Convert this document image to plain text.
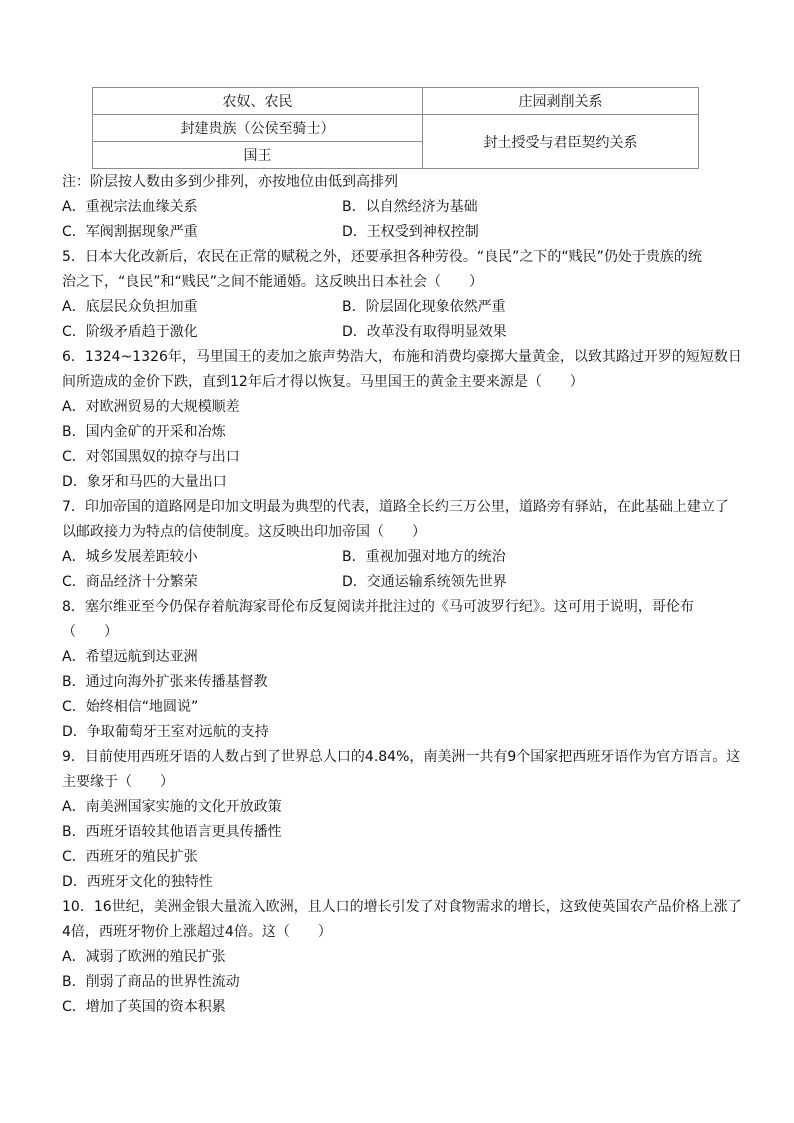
农奴、农民	庄园剥削关系
封建贵族（公侯至骑士）	封土授受与君臣契约关系
国王	
注：阶层按人数由多到少排列，亦按地位由低到高排列
A．重视宗法血缘关系	B．以自然经济为基础
C．军阀割据现象严重	D．王权受到神权控制
5．日本大化改新后，农民在正常的赋税之外，还要承担各种劳役。“良民”之下的“贱民”仍处于贵族的统
治之下，“良民”和“贱民”之间不能通婚。这反映出日本社会（　　）
A．底层民众负担加重	B．阶层固化现象依然严重
C．阶级矛盾趋于激化	D．改革没有取得明显效果
6．1324~1326年，马里国王的麦加之旅声势浩大，布施和消费均豪掷大量黄金，以致其路过开罗的短短数日
间所造成的金价下跌，直到12年后才得以恢复。马里国王的黄金主要来源是（　　）
A．对欧洲贸易的大规模顺差
B．国内金矿的开采和冶炼
C．对邻国黑奴的掠夺与出口
D．象牙和马匹的大量出口
7．印加帝国的道路网是印加文明最为典型的代表，道路全长约三万公里，道路旁有驿站，在此基础上建立了
以邮政接力为特点的信使制度。这反映出印加帝国（　　）
A．城乡发展差距较小	B．重视加强对地方的统治
C．商品经济十分繁荣	D．交通运输系统领先世界
8．塞尔维亚至今仍保存着航海家哥伦布反复阅读并批注过的《马可波罗行纪》。这可用于说明，哥伦布
（　　）
A．希望远航到达亚洲
B．通过向海外扩张来传播基督教
C．始终相信“地圆说”
D．争取葡萄牙王室对远航的支持
9．目前使用西班牙语的人数占到了世界总人口的4.84%，南美洲一共有9个国家把西班牙语作为官方语言。这
主要缘于（　　）
A．南美洲国家实施的文化开放政策
B．西班牙语较其他语言更具传播性
C．西班牙的殖民扩张
D．西班牙文化的独特性
10．16世纪，美洲金银大量流入欧洲，且人口的增长引发了对食物需求的增长，这致使英国农产品价格上涨了
4倍，西班牙物价上涨超过4倍。这（　　）
A．减弱了欧洲的殖民扩张
B．削弱了商品的世界性流动
C．增加了英国的资本积累
